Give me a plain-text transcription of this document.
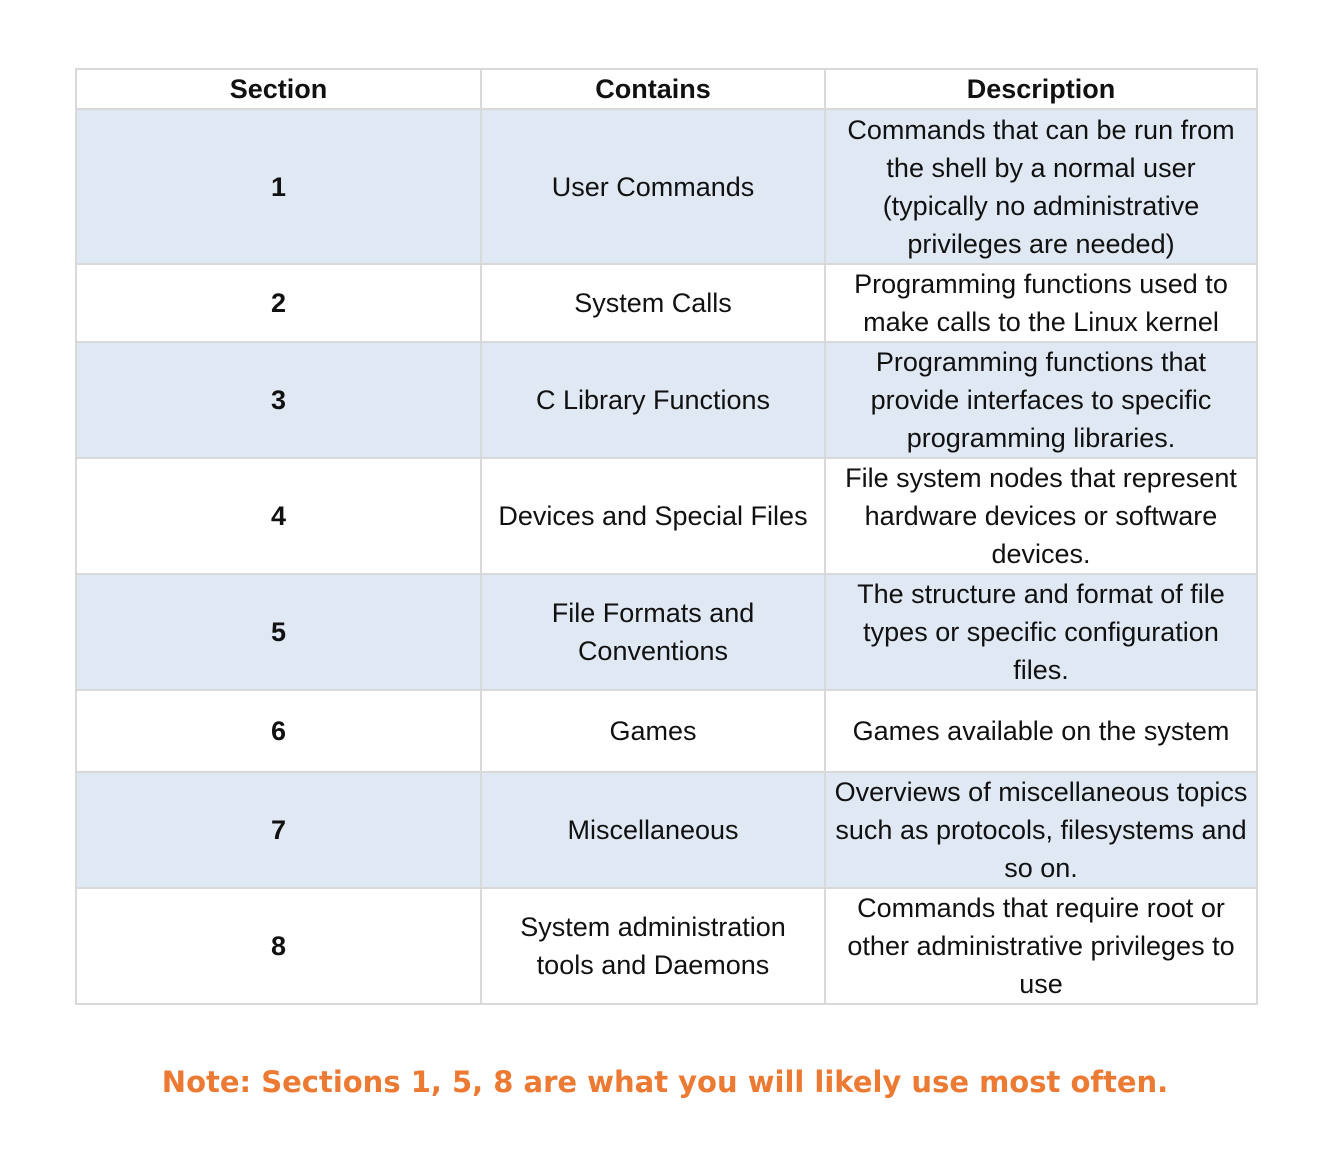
Section	Contains	Description
1	User Commands	Commands that can be run from the shell by a normal user (typically no administrative privileges are needed)
2	System Calls	Programming functions used to make calls to the Linux kernel
3	C Library Functions	Programming functions that provide interfaces to specific programming libraries.
4	Devices and Special Files	File system nodes that represent hardware devices or software devices.
5	File Formats and Conventions	The structure and format of file types or specific configuration files.
6	Games	Games available on the system
7	Miscellaneous	Overviews of miscellaneous topics such as protocols, filesystems and so on.
8	System administration tools and Daemons	Commands that require root or other administrative privileges to use
Note: Sections 1, 5, 8 are what you will likely use most often.
